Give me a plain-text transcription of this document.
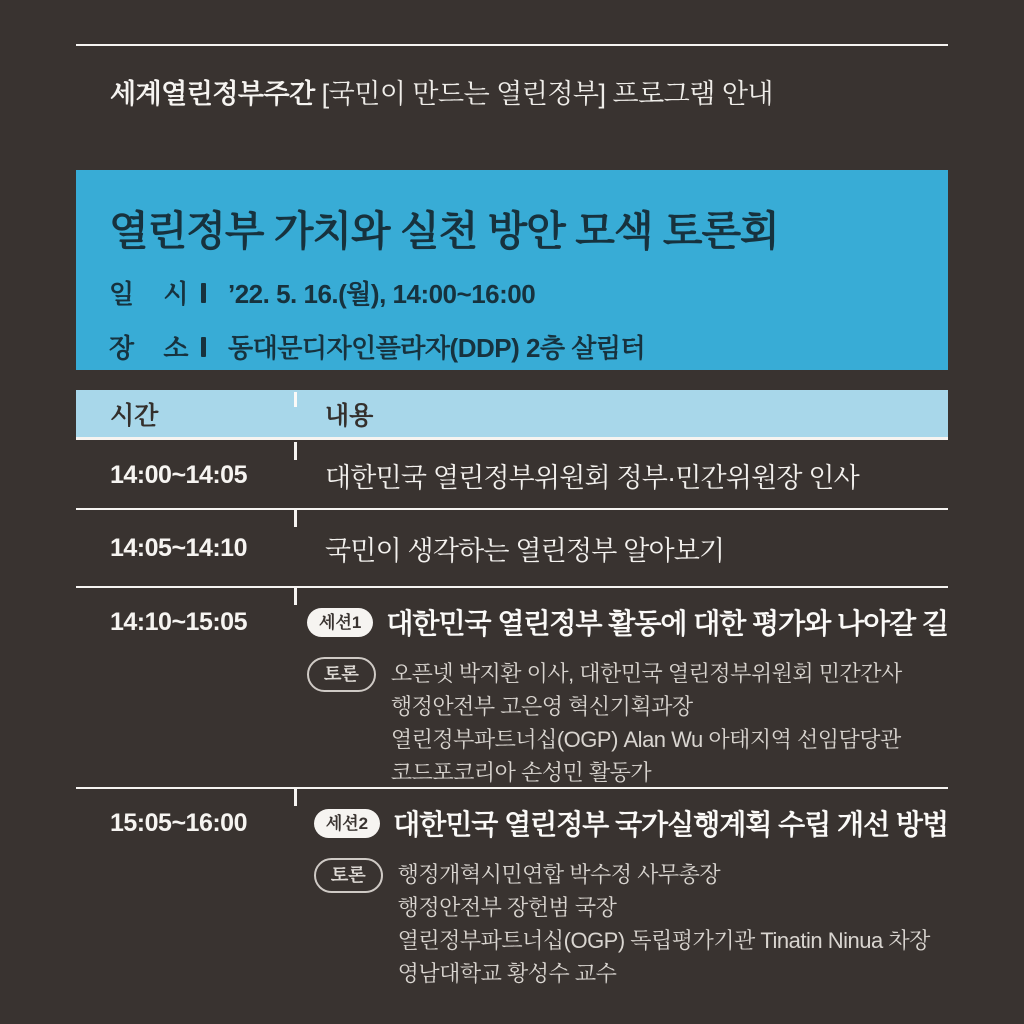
세계열린정부주간 [국민이 만드는 열린정부] 프로그램 안내
열린정부 가치와 실천 방안 모색 토론회
일 시	’22. 5. 16.(월), 14:00~16:00
장 소	동대문디자인플라자(DDP) 2층 살림터
시간	내용
14:00~14:05	대한민국 열린정부위원회 정부·민간위원장 인사
14:05~14:10	국민이 생각하는 열린정부 알아보기
14:10~15:05	세션1 대한민국 열린정부 활동에 대한 평가와 나아갈 길
토론	오픈넷 박지환 이사, 대한민국 열린정부위원회 민간간사
행정안전부 고은영 혁신기획과장
열린정부파트너십(OGP) Alan Wu 아태지역 선임담당관
코드포코리아 손성민 활동가
15:05~16:00	세션2 대한민국 열린정부 국가실행계획 수립 개선 방법
토론	행정개혁시민연합 박수정 사무총장
행정안전부 장헌범 국장
열린정부파트너십(OGP) 독립평가기관 Tinatin Ninua 차장
영남대학교 황성수 교수
